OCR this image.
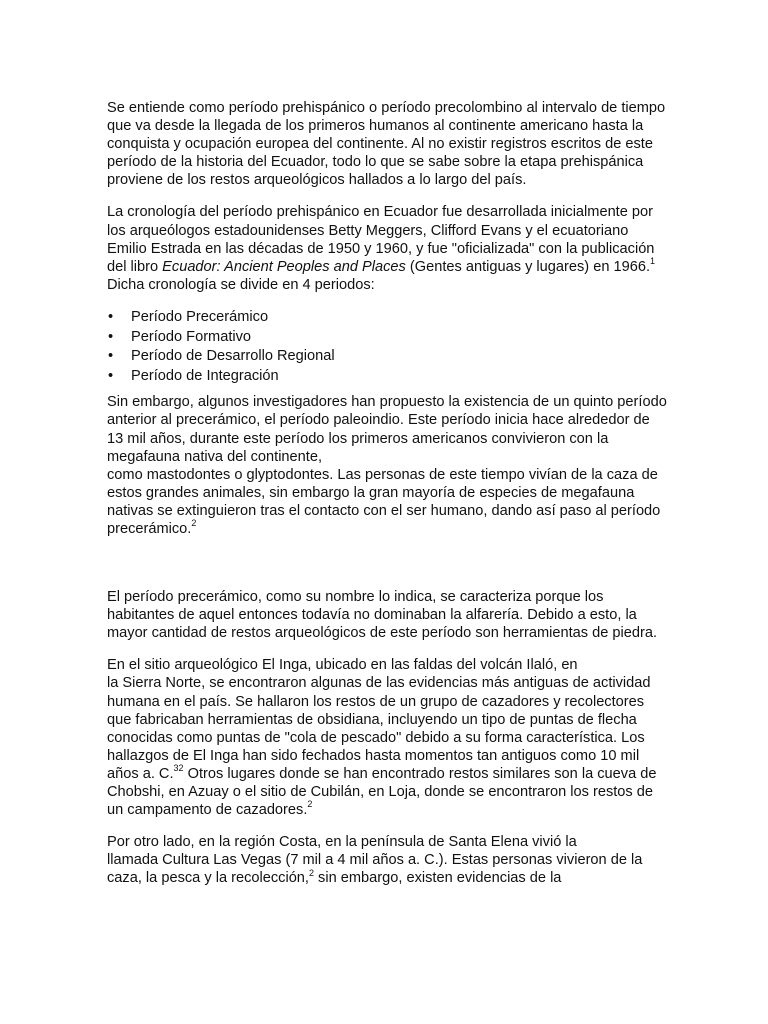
Se entiende como período prehispánico o período precolombino al intervalo de tiempo que va desde la llegada de los primeros humanos al continente americano hasta la conquista y ocupación europea del continente. Al no existir registros escritos de este período de la historia del Ecuador, todo lo que se sabe sobre la etapa prehispánica proviene de los restos arqueológicos hallados a lo largo del país.

La cronología del período prehispánico en Ecuador fue desarrollada inicialmente por los arqueólogos estadounidenses Betty Meggers, Clifford Evans y el ecuatoriano Emilio Estrada en las décadas de 1950 y 1960, y fue "oficializada" con la publicación del libro Ecuador: Ancient Peoples and Places (Gentes antiguas y lugares) en 1966.$^1$ Dicha cronología se divide en 4 periodos:

• Período Precerámico
• Período Formativo
• Período de Desarrollo Regional
• Período de Integración

Sin embargo, algunos investigadores han propuesto la existencia de un quinto período anterior al precerámico, el período paleoindio. Este período inicia hace alrededor de 13 mil años, durante este período los primeros americanos convivieron con la megafauna nativa del continente,
como mastodontes o glyptodontes. Las personas de este tiempo vivían de la caza de estos grandes animales, sin embargo la gran mayoría de especies de megafauna nativas se extinguieron tras el contacto con el ser humano, dando así paso al período precerámico.$^2$

El período precerámico, como su nombre lo indica, se caracteriza porque los habitantes de aquel entonces todavía no dominaban la alfarería. Debido a esto, la mayor cantidad de restos arqueológicos de este período son herramientas de piedra.

En el sitio arqueológico El Inga, ubicado en las faldas del volcán Ilaló, en
la Sierra Norte, se encontraron algunas de las evidencias más antiguas de actividad humana en el país. Se hallaron los restos de un grupo de cazadores y recolectores que fabricaban herramientas de obsidiana, incluyendo un tipo de puntas de flecha conocidas como puntas de "cola de pescado" debido a su forma característica. Los hallazgos de El Inga han sido fechados hasta momentos tan antiguos como 10 mil años a. C.$^{32}$ Otros lugares donde se han encontrado restos similares son la cueva de Chobshi, en Azuay o el sitio de Cubilán, en Loja, donde se encontraron los restos de un campamento de cazadores.$^2$

Por otro lado, en la región Costa, en la península de Santa Elena vivió la
llamada Cultura Las Vegas (7 mil a 4 mil años a. C.). Estas personas vivieron de la caza, la pesca y la recolección,$^2$ sin embargo, existen evidencias de la
